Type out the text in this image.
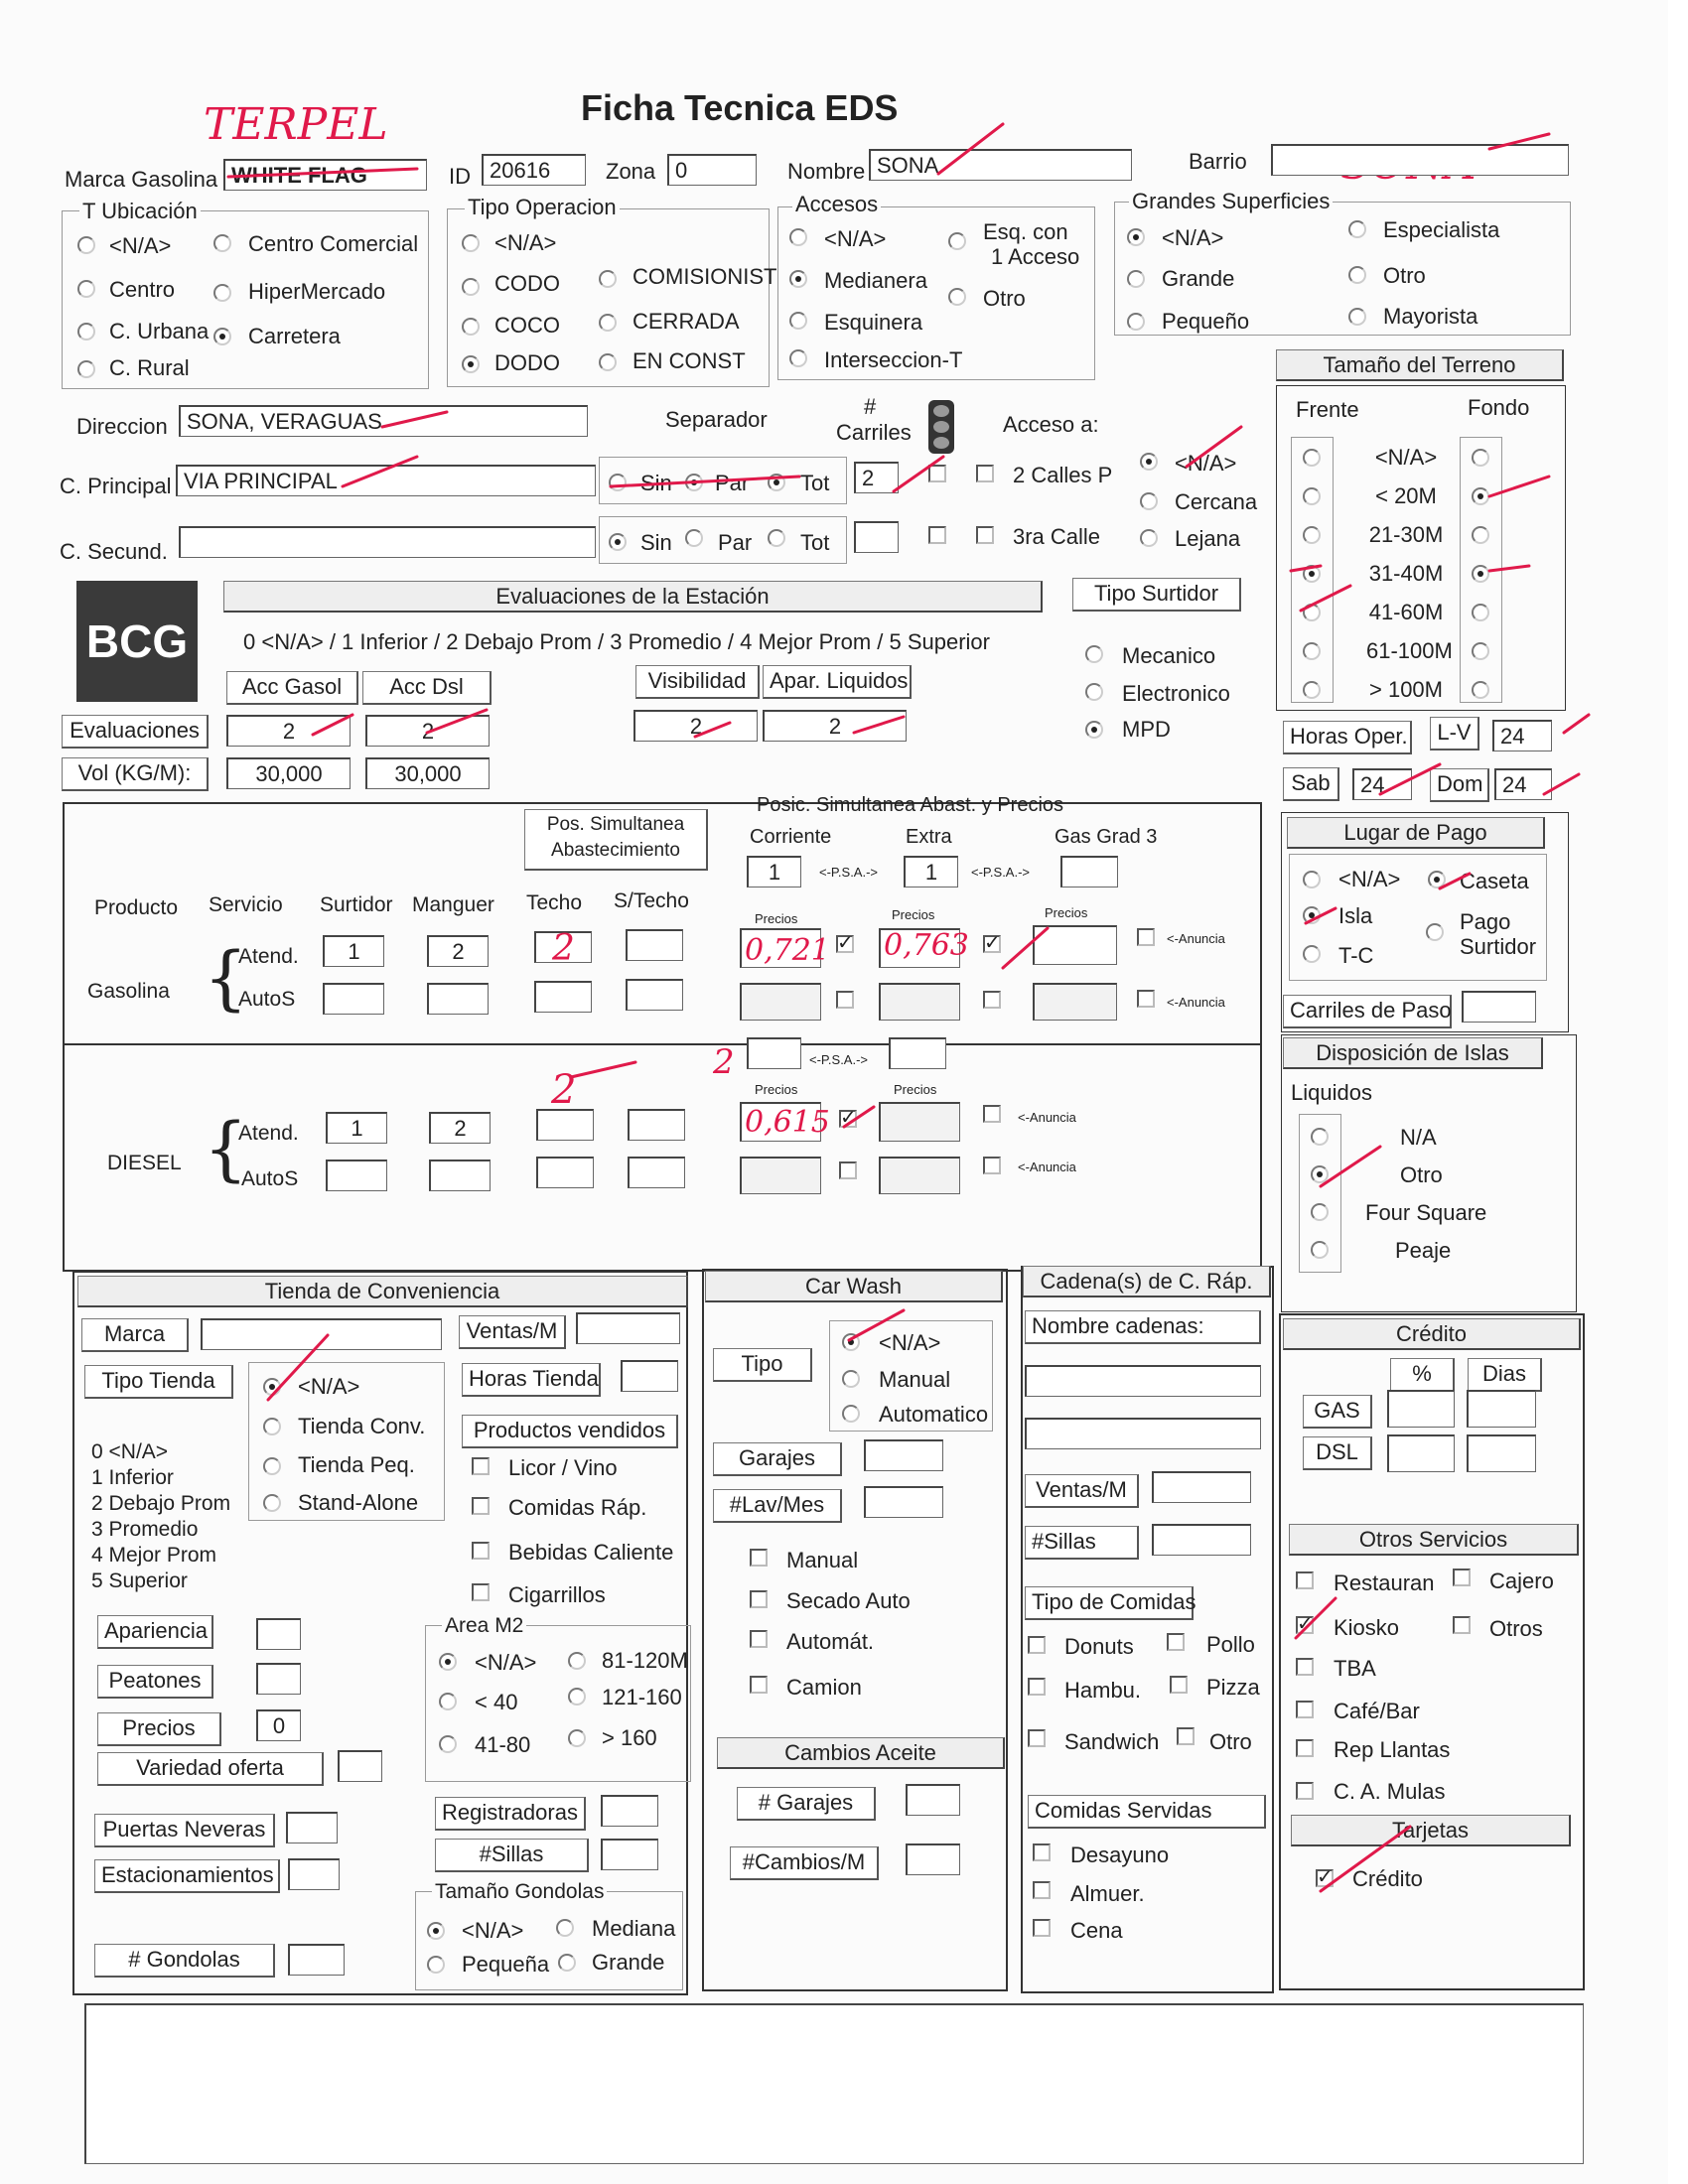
Ficha Tecnica EDS
TERPEL
Marca Gasolina WHITE FLAG	ID 20616	Zona 0	Nombre SONA	Barrio
T Ubicación
<N/A>	Centro Comercial
Centro	HiperMercado
C. Urbana Carretera
C. Rural
Tipo Operacion
<N/A>
CODO	COMISIONIST
COCO	CERRADA
DODO	EN CONST
Accesos
<N/A>	Esq. con
1 Acceso
Medianera
Otro
Esquinera
Interseccion-T
Grandes Superficies
<N/A>	Especialista
Grande	Otro
Pequeño	Mayorista
Tamaño del Terreno
Frente	Fondo
<N/A>
< 20M
21-30M
31-40M
41-60M
61-100M
> 100M
Direccion SONA, VERAGUAS
C. Principal VIA PRINCIPAL
C. Secund.
Separador
Sin Par Tot
Sin Par Tot
#
Carriles
2
Acceso a:
2 Calles P
3ra Calle
<N/A>
Cercana
Lejana
BCG
Evaluaciones de la Estación
0 <N/A> / 1 Inferior / 2 Debajo Prom / 3 Promedio / 4 Mejor Prom / 5 Superior
Acc Gasol	Acc Dsl	Visibilidad	Apar. Liquidos
Evaluaciones	2	2	2	2
Vol (KG/M):	30,000	30,000
Tipo Surtidor
Mecanico
Electronico
MPD	Horas Oper.	L-V	24
Sab	24	Dom 24
Pos. Simultanea
Abastecimiento
Posic. Simultanea Abast. y Precios
Corriente	Extra	Gas Grad 3
1	<-P.S.A.->	1	<-P.S.A.->
Producto Servicio Surtidor Manguer Techo S/Techo
Gasolina {
Atend.
AutoS
1	2
Precios	Precios	Precios
✓
✓
<-Anuncia
<-Anuncia
<-P.S.A.->
Precios	Precios
DIESEL {
Atend.
AutoS
1	2
✓	<-Anuncia
<-Anuncia
Lugar de Pago
<N/A>	Caseta
Isla	Pago
Surtidor
T-C
Carriles de Paso
Disposición de Islas
Liquidos
N/A
Otro
Four Square
Peaje
Tienda de Conveniencia
Marca	Ventas/M
Tipo Tienda	<N/A>
Tienda Conv.
Tienda Peq.
Stand-Alone
Horas Tienda
Productos vendidos
Licor / Vino
Comidas Ráp.
Bebidas Caliente
Cigarrillos
0 <N/A>
1 Inferior
2 Debajo Prom
3 Promedio
4 Mejor Prom
5 Superior
Apariencia
Peatones
Precios	0
Variedad oferta
Area M2
<N/A>	81-120M
< 40	121-160
41-80	> 160
Puertas Neveras
Estacionamientos
Registradoras
#Sillas
Tamaño Gondolas
<N/A>	Mediana
Pequeña Grande
# Gondolas
Car Wash
Tipo
<N/A>
Manual
Automatico
Garajes
#Lav/Mes
Manual
Secado Auto
Automát.
Camion
Cambios Aceite
# Garajes
#Cambios/M
Cadena(s) de C. Ráp.
Nombre cadenas:
Ventas/M
#Sillas
Tipo de Comidas
Donuts	Pollo
Hambu.	Pizza
Sandwich Otro
Comidas Servidas
Desayuno
Almuer.
Cena
Crédito
%	Dias
GAS
DSL
Otros Servicios
Restauran	Cajero
✓
Kiosko	Otros
TBA
Café/Bar
Rep Llantas
C. A. Mulas
Tarjetas
✓
Crédito
0,721 0,763
0,615
2
2
2
